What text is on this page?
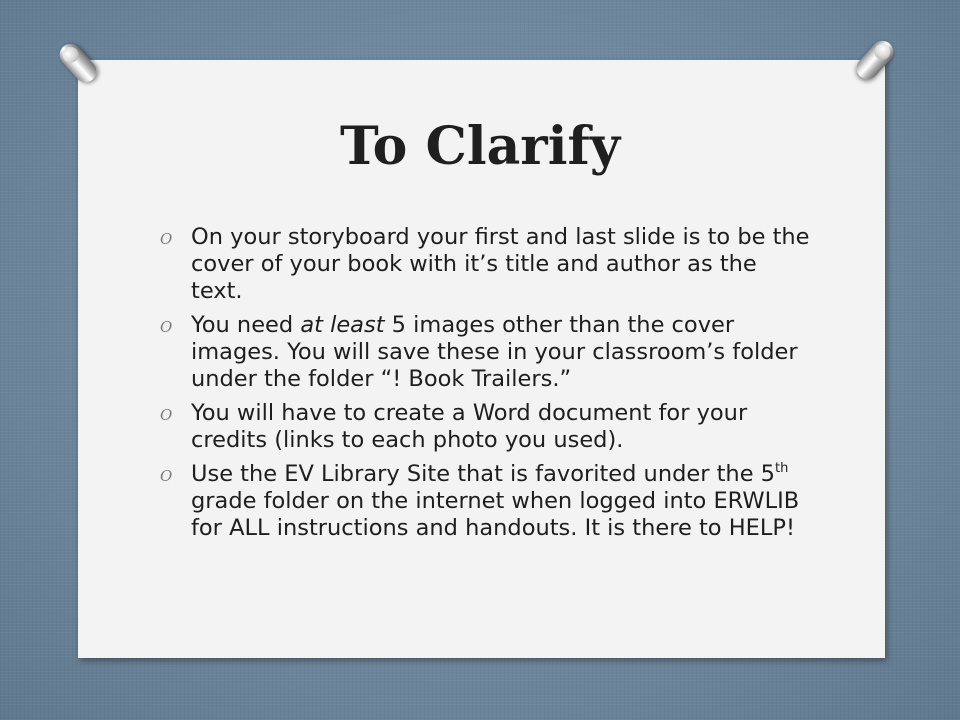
To Clarify
O On your storyboard your first and last slide is to be the cover of your book with it’s title and author as the text.
O You need at least 5 images other than the cover images. You will save these in your classroom’s folder under the folder “! Book Trailers.”
O You will have to create a Word document for your credits (links to each photo you used).
O Use the EV Library Site that is favorited under the 5th grade folder on the internet when logged into ERWLIB for ALL instructions and handouts. It is there to HELP!
